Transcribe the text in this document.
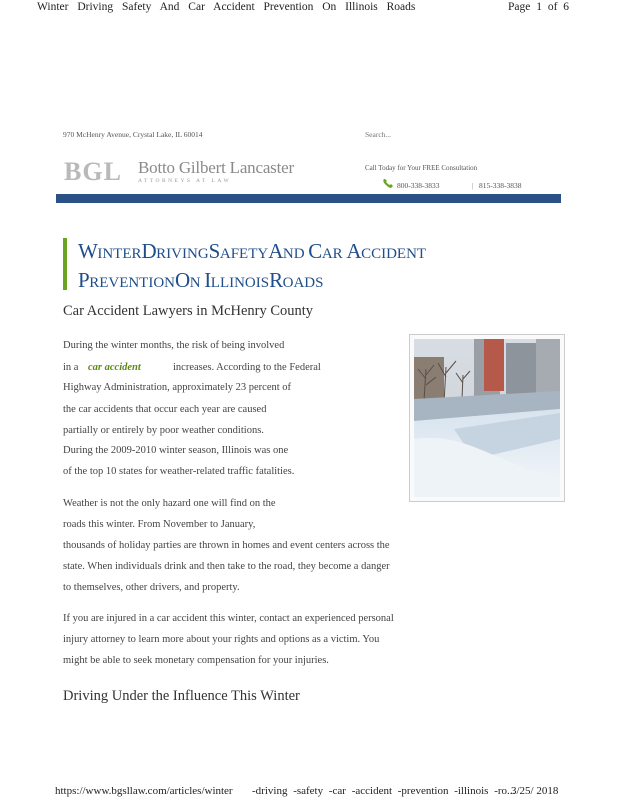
Winter Driving Safety And Car Accident Prevention On Illinois Roads	Page 1 of 6
970 McHenry Avenue, Crystal Lake, IL 60014
Search...
BGL Botto Gilbert Lancaster
ATTORNEYS AT LAW
Call Today for Your FREE Consultation
800-338-3833	| 815-338-3838
WINTERDRIVINGSAFETYAND CAR ACCIDENT
PREVENTIONON ILLINOISROADS
Car Accident Lawyers in McHenry County
During the winter months, the risk of being involved
in a car accident	increases. According to the Federal
Highway Administration, approximately 23 percent of
the car accidents that occur each year are caused
partially or entirely by poor weather conditions.
During the 2009-2010 winter season, Illinois was one
of the top 10 states for weather-related traffic fatalities.
Weather is not the only hazard one will find on the
roads this winter. From November to January,
thousands of holiday parties are thrown in homes and event centers across the
state. When individuals drink and then take to the road, they become a danger
to themselves, other drivers, and property.
If you are injured in a car accident this winter, contact an experienced personal
injury attorney to learn more about your rights and options as a victim. You
might be able to seek monetary compensation for your injuries.
Driving Under the Influence This Winter
https://www.bgsllaw.com/articles/winter -driving -safety -car -accident -prevention -illinois -ro...
3/25/ 2018
